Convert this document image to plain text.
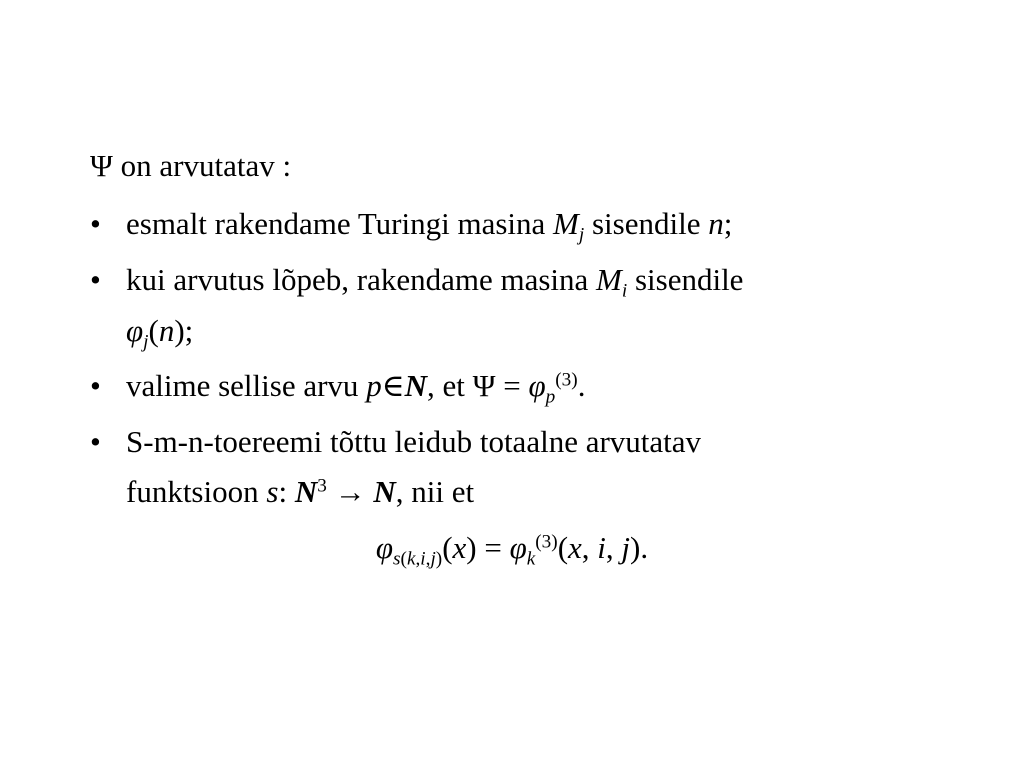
Ψ on arvutatav :
• esmalt rakendame Turingi masina $M_j$ sisendile n;
• kui arvutus lõpeb, rakendame masina $M_i$ sisendile
$\varphi_j(n)$;
• valime sellise arvu p∈N, et $\Psi = \varphi_p^{(3)}$.
• S-m-n-toereemi tõttu leidub totaalne arvutatav
funktsioon s: $N^3 \to N$, nii et
$\varphi_{s(k,i,j)}(x) = \varphi_k^{(3)}(x$, i, j).
